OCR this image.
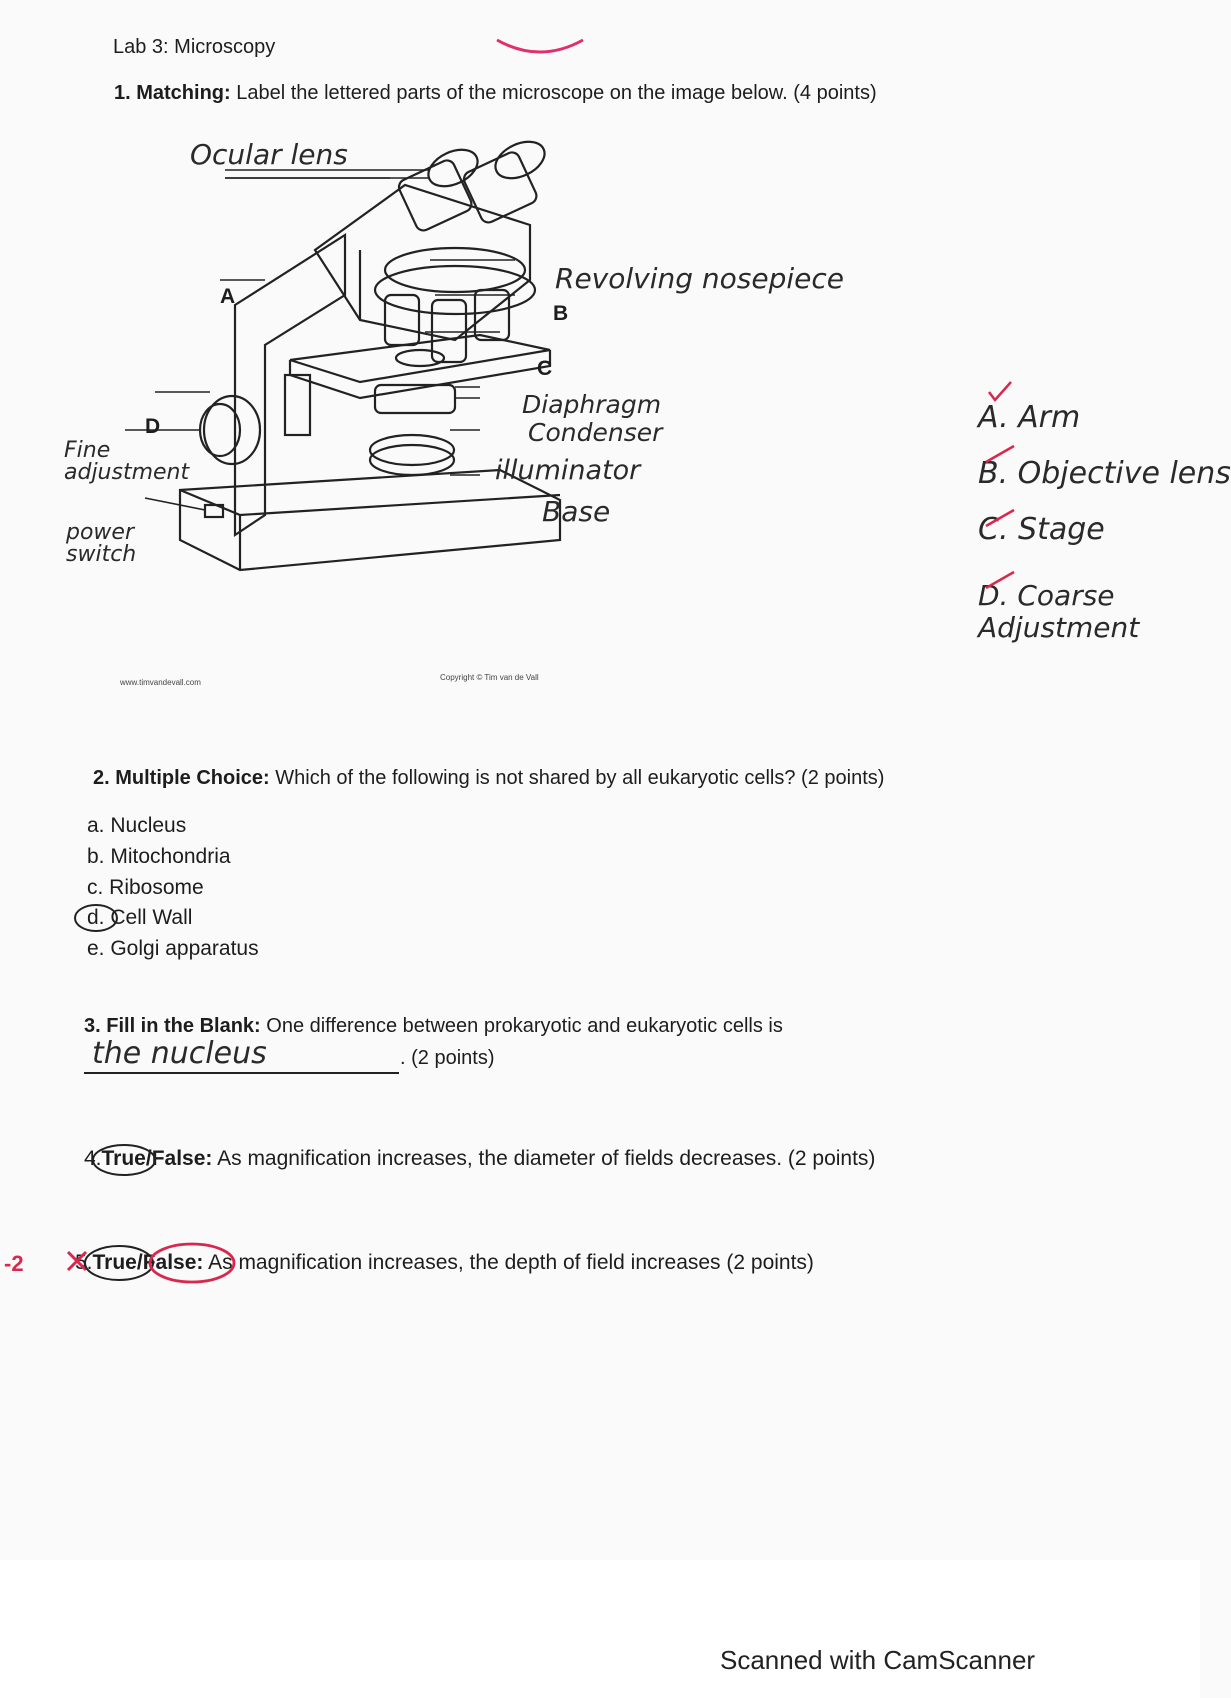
Lab 3: Microscopy
1. Matching: Label the lettered parts of the microscope on the image below. (4 points)
Ocular lens
A
Revolving nosepiece
B
C
Diaphragm
Condenser
illuminator
Base
D
Fine adjustment
power switch
www.timvandevall.com
Copyright © Tim van de Vall
A. Arm
B. Objective lens
C. Stage
D. Coarse Adjustment
2. Multiple Choice: Which of the following is not shared by all eukaryotic cells? (2 points)
a. Nucleus
b. Mitochondria
c. Ribosome
d. Cell Wall
e. Golgi apparatus
3. Fill in the Blank: One difference between prokaryotic and eukaryotic cells is
the nucleus	. (2 points)
4.True/False: As magnification increases, the diameter of fields decreases. (2 points)
-2 5.True/False: As magnification increases, the depth of field increases (2 points)
Scanned with CamScanner
